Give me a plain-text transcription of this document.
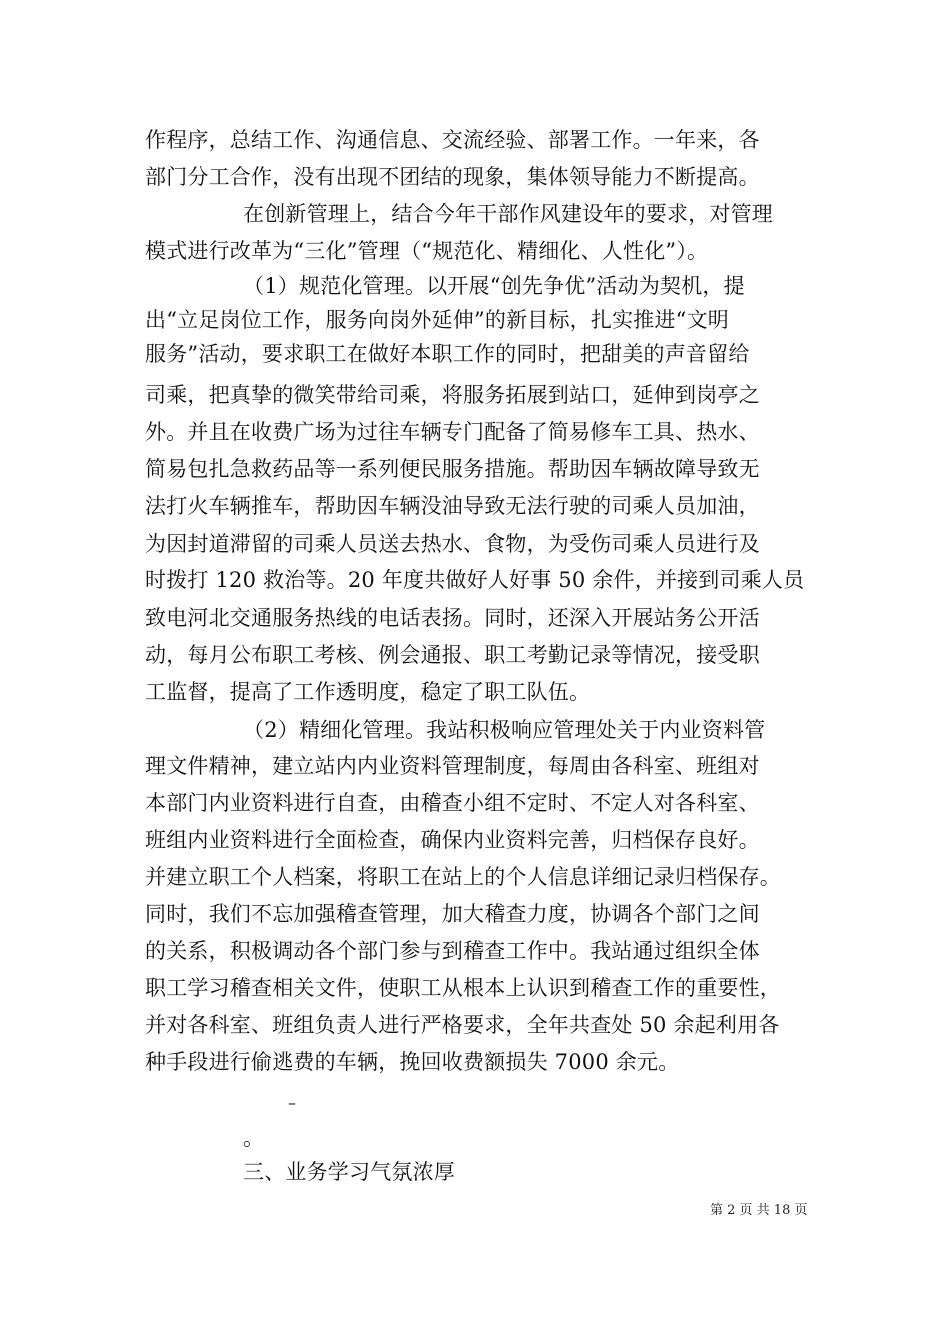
作程序，总结工作、沟通信息、交流经验、部署工作。一年来，各
部门分工合作，没有出现不团结的现象，集体领导能力不断提高。
在创新管理上，结合今年干部作风建设年的要求，对管理
模式进行改革为“三化”管理（“规范化、精细化、人性化”）。
（1）规范化管理。以开展“创先争优”活动为契机，提
出“立足岗位工作，服务向岗外延伸”的新目标，扎实推进“文明
服务”活动，要求职工在做好本职工作的同时，把甜美的声音留给
司乘，把真挚的微笑带给司乘，将服务拓展到站口，延伸到岗亭之
外。并且在收费广场为过往车辆专门配备了简易修车工具、热水、
简易包扎急救药品等一系列便民服务措施。帮助因车辆故障导致无
法打火车辆推车，帮助因车辆没油导致无法行驶的司乘人员加油，
为因封道滞留的司乘人员送去热水、食物，为受伤司乘人员进行及
时拨打 120 救治等。20 年度共做好人好事 50 余件，并接到司乘人员
致电河北交通服务热线的电话表扬。同时，还深入开展站务公开活
动，每月公布职工考核、例会通报、职工考勤记录等情况，接受职
工监督，提高了工作透明度，稳定了职工队伍。
（2）精细化管理。我站积极响应管理处关于内业资料管
理文件精神，建立站内内业资料管理制度，每周由各科室、班组对
本部门内业资料进行自查，由稽查小组不定时、不定人对各科室、
班组内业资料进行全面检查，确保内业资料完善，归档保存良好。
并建立职工个人档案，将职工在站上的个人信息详细记录归档保存。
同时，我们不忘加强稽查管理，加大稽查力度，协调各个部门之间
的关系，积极调动各个部门参与到稽查工作中。我站通过组织全体
职工学习稽查相关文件，使职工从根本上认识到稽查工作的重要性，
并对各科室、班组负责人进行严格要求，全年共查处 50 余起利用各
种手段进行偷逃费的车辆，挽回收费额损失 7000 余元。
–
。
三、业务学习气氛浓厚
第 2 页 共 18 页
